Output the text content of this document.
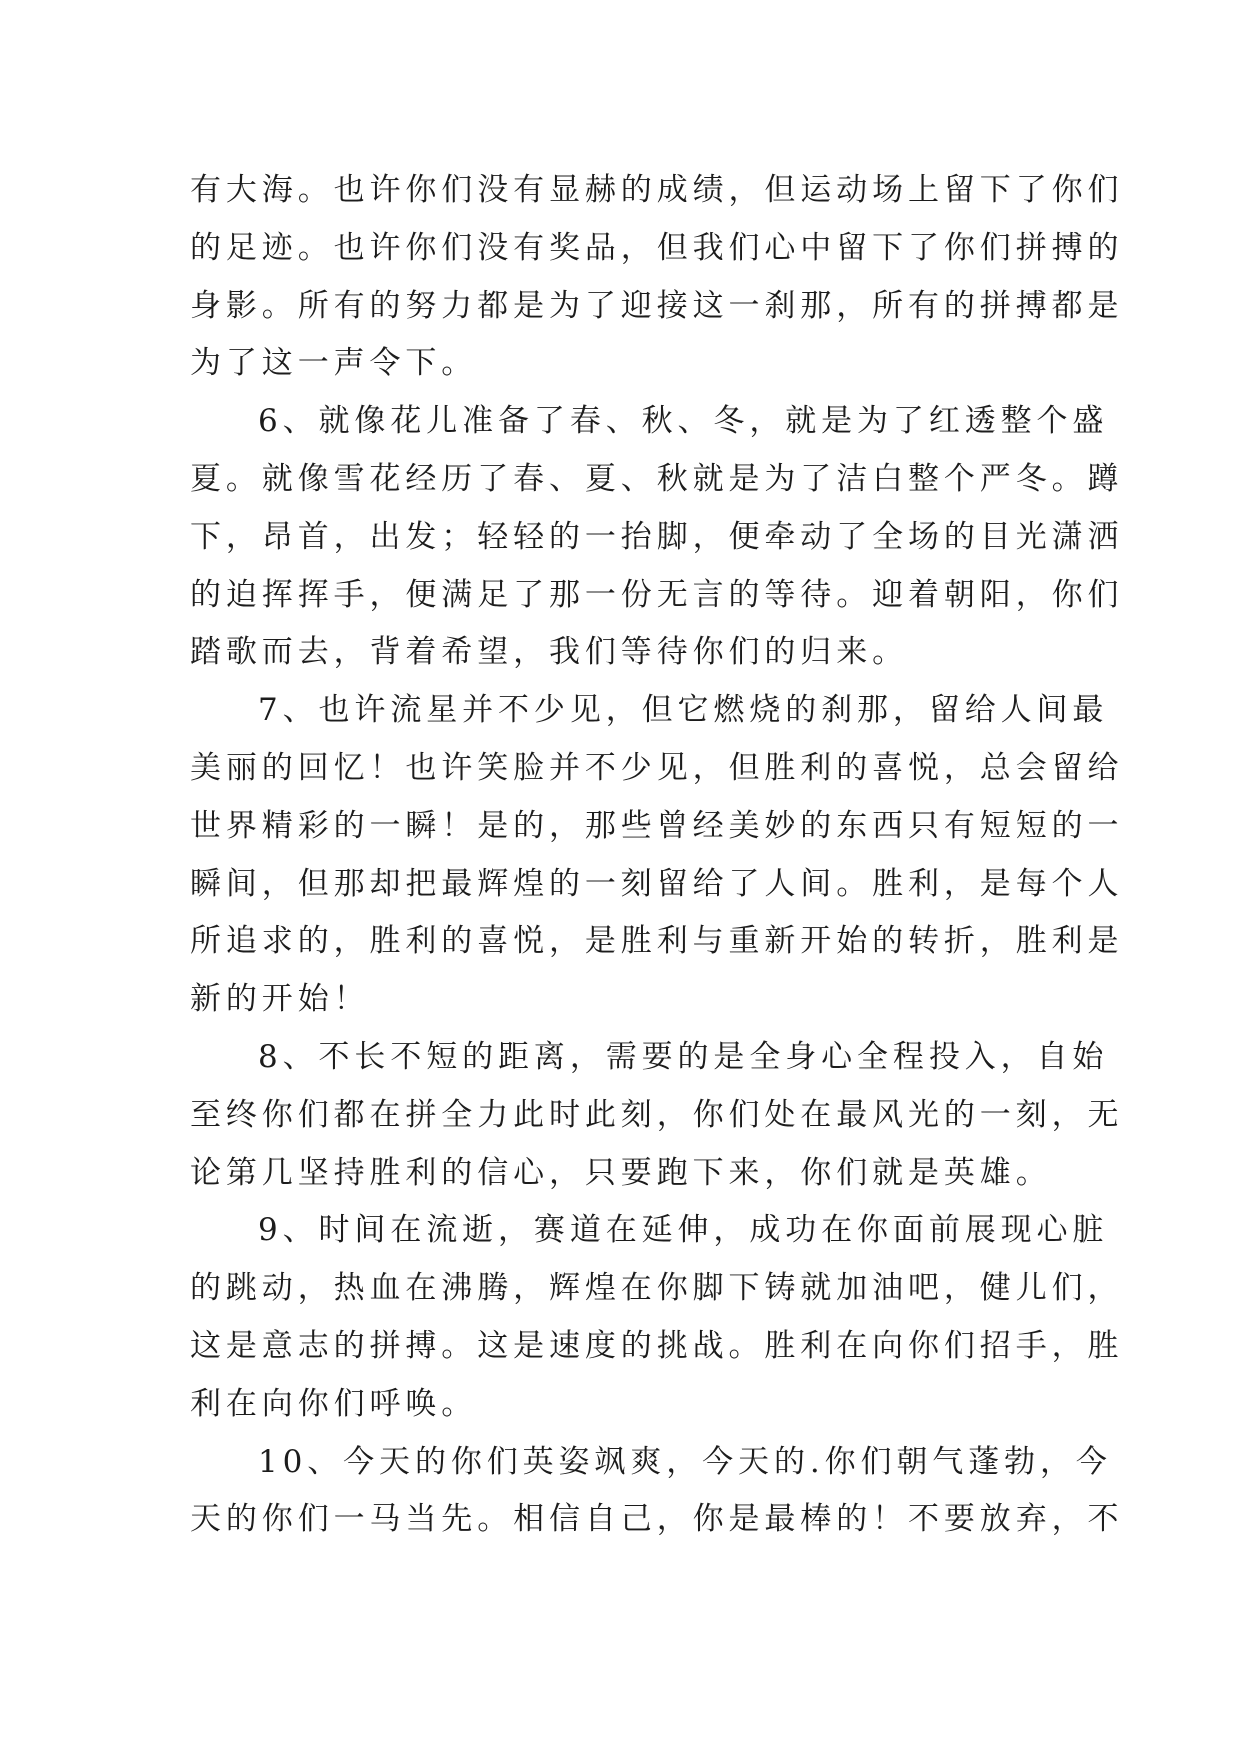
有大海。也许你们没有显赫的成绩，但运动场上留下了你们
的足迹。也许你们没有奖品，但我们心中留下了你们拼搏的
身影。所有的努力都是为了迎接这一刹那，所有的拼搏都是
为了这一声令下。
6、就像花儿准备了春、秋、冬，就是为了红透整个盛
夏。就像雪花经历了春、夏、秋就是为了洁白整个严冬。蹲
下，昂首，出发；轻轻的一抬脚，便牵动了全场的目光潇洒
的迫挥挥手，便满足了那一份无言的等待。迎着朝阳，你们
踏歌而去，背着希望，我们等待你们的归来。
7、也许流星并不少见，但它燃烧的刹那，留给人间最
美丽的回忆！也许笑脸并不少见，但胜利的喜悦，总会留给
世界精彩的一瞬！是的，那些曾经美妙的东西只有短短的一
瞬间，但那却把最辉煌的一刻留给了人间。胜利，是每个人
所追求的，胜利的喜悦，是胜利与重新开始的转折，胜利是
新的开始！
8、不长不短的距离，需要的是全身心全程投入，自始
至终你们都在拼全力此时此刻，你们处在最风光的一刻，无
论第几坚持胜利的信心，只要跑下来，你们就是英雄。
9、时间在流逝，赛道在延伸，成功在你面前展现心脏
的跳动，热血在沸腾，辉煌在你脚下铸就加油吧，健儿们，
这是意志的拼搏。这是速度的挑战。胜利在向你们招手，胜
利在向你们呼唤。
10、今天的你们英姿飒爽，今天的.你们朝气蓬勃，今
天的你们一马当先。相信自己，你是最棒的！不要放弃，不
